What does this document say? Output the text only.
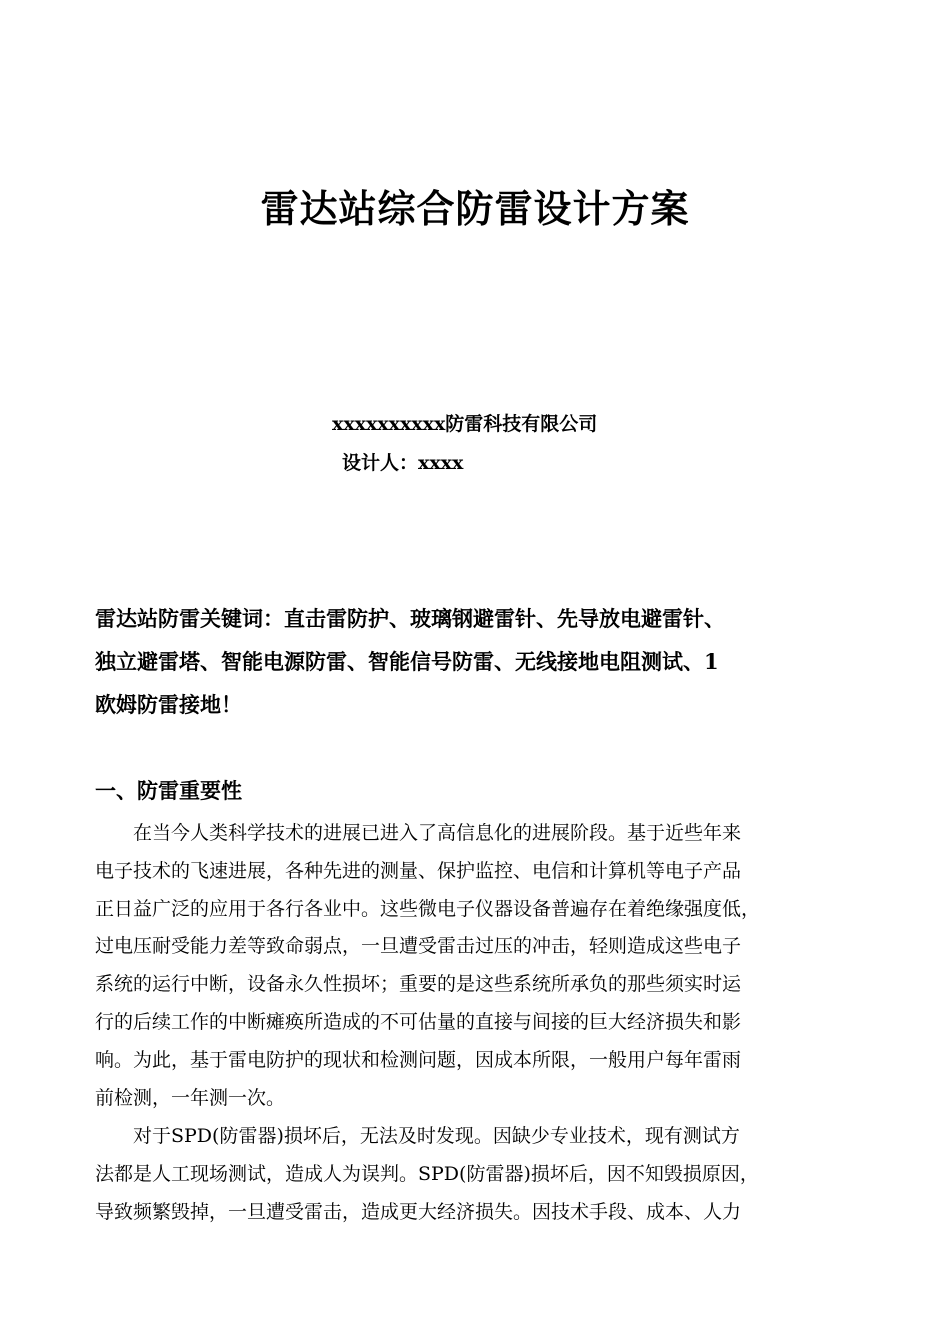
雷达站综合防雷设计方案
xxxxxxxxxx防雷科技有限公司
设计人：xxxx
雷达站防雷关键词：直击雷防护、玻璃钢避雷针、先导放电避雷针、
独立避雷塔、智能电源防雷、智能信号防雷、无线接地电阻测试、1
欧姆防雷接地！
一、防雷重要性
　　在当今人类科学技术的进展已进入了高信息化的进展阶段。基于近些年来
电子技术的飞速进展，各种先进的测量、保护监控、电信和计算机等电子产品
正日益广泛的应用于各行各业中。这些微电子仪器设备普遍存在着绝缘强度低，
过电压耐受能力差等致命弱点，一旦遭受雷击过压的冲击，轻则造成这些电子
系统的运行中断，设备永久性损坏；重要的是这些系统所承负的那些须实时运
行的后续工作的中断瘫痪所造成的不可估量的直接与间接的巨大经济损失和影
响。为此，基于雷电防护的现状和检测问题，因成本所限，一般用户每年雷雨
前检测，一年测一次。
　　对于SPD(防雷器)损坏后，无法及时发现。因缺少专业技术，现有测试方
法都是人工现场测试，造成人为误判。SPD(防雷器)损坏后，因不知毁损原因，
导致频繁毁掉，一旦遭受雷击，造成更大经济损失。因技术手段、成本、人力
